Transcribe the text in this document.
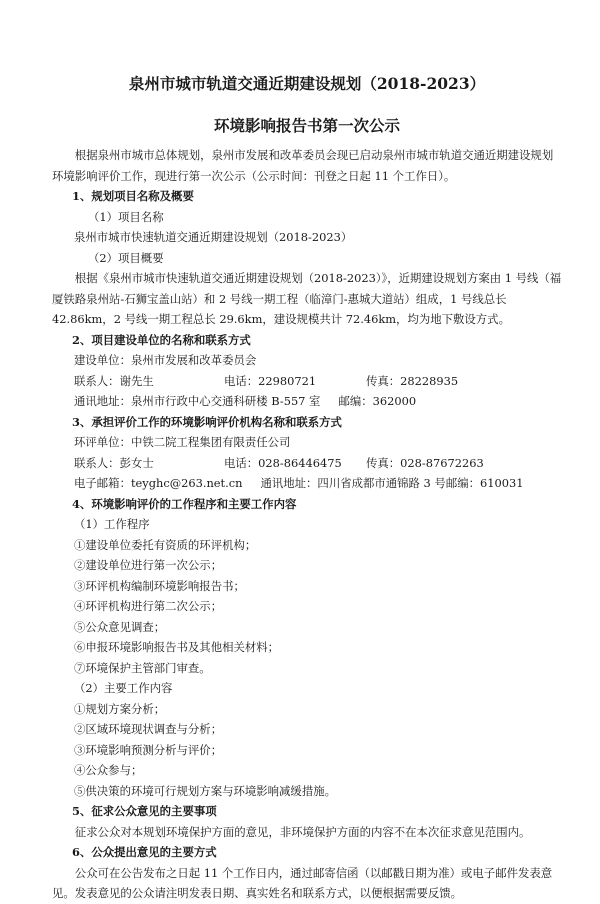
泉州市城市轨道交通近期建设规划（2018-2023）

环境影响报告书第一次公示

根据泉州市城市总体规划，泉州市发展和改革委员会现已启动泉州市城市轨道交通近期建设规划环境影响评价工作，现进行第一次公示（公示时间：刊登之日起 11 个工作日）。

1、规划项目名称及概要

（1）项目名称

泉州市城市快速轨道交通近期建设规划（2018-2023）

（2）项目概要

根据《泉州市城市快速轨道交通近期建设规划（2018-2023）》，近期建设规划方案由 1 号线（福厦铁路泉州站-石狮宝盖山站）和 2 号线一期工程（临漳门-惠城大道站）组成，1 号线总长 42.86km，2 号线一期工程总长 29.6km，建设规模共计 72.46km，均为地下敷设方式。

2、项目建设单位的名称和联系方式

建设单位：泉州市发展和改革委员会

联系人：谢先生	电话：22980721	传真：28228935
通讯地址：泉州市行政中心交通科研楼 B-557 室 邮编：362000

3、承担评价工作的环境影响评价机构名称和联系方式

环评单位：中铁二院工程集团有限责任公司

联系人：彭女士	电话：028-86446475	传真：028-87672263
电子邮箱：teyghc@263.net.cn 通讯地址：四川省成都市通锦路 3 号邮编：610031

4、环境影响评价的工作程序和主要工作内容

（1）工作程序

①建设单位委托有资质的环评机构；

②建设单位进行第一次公示；

③环评机构编制环境影响报告书；

④环评机构进行第二次公示；

⑤公众意见调查；

⑥申报环境影响报告书及其他相关材料；

⑦环境保护主管部门审查。

（2）主要工作内容

①规划方案分析；

②区域环境现状调查与分析；

③环境影响预测分析与评价；

④公众参与；

⑤供决策的环境可行规划方案与环境影响减缓措施。

5、征求公众意见的主要事项

征求公众对本规划环境保护方面的意见，非环境保护方面的内容不在本次征求意见范围内。

6、公众提出意见的主要方式

公众可在公告发布之日起 11 个工作日内，通过邮寄信函（以邮戳日期为准）或电子邮件发表意见。发表意见的公众请注明发表日期、真实姓名和联系方式，以便根据需要反馈。
